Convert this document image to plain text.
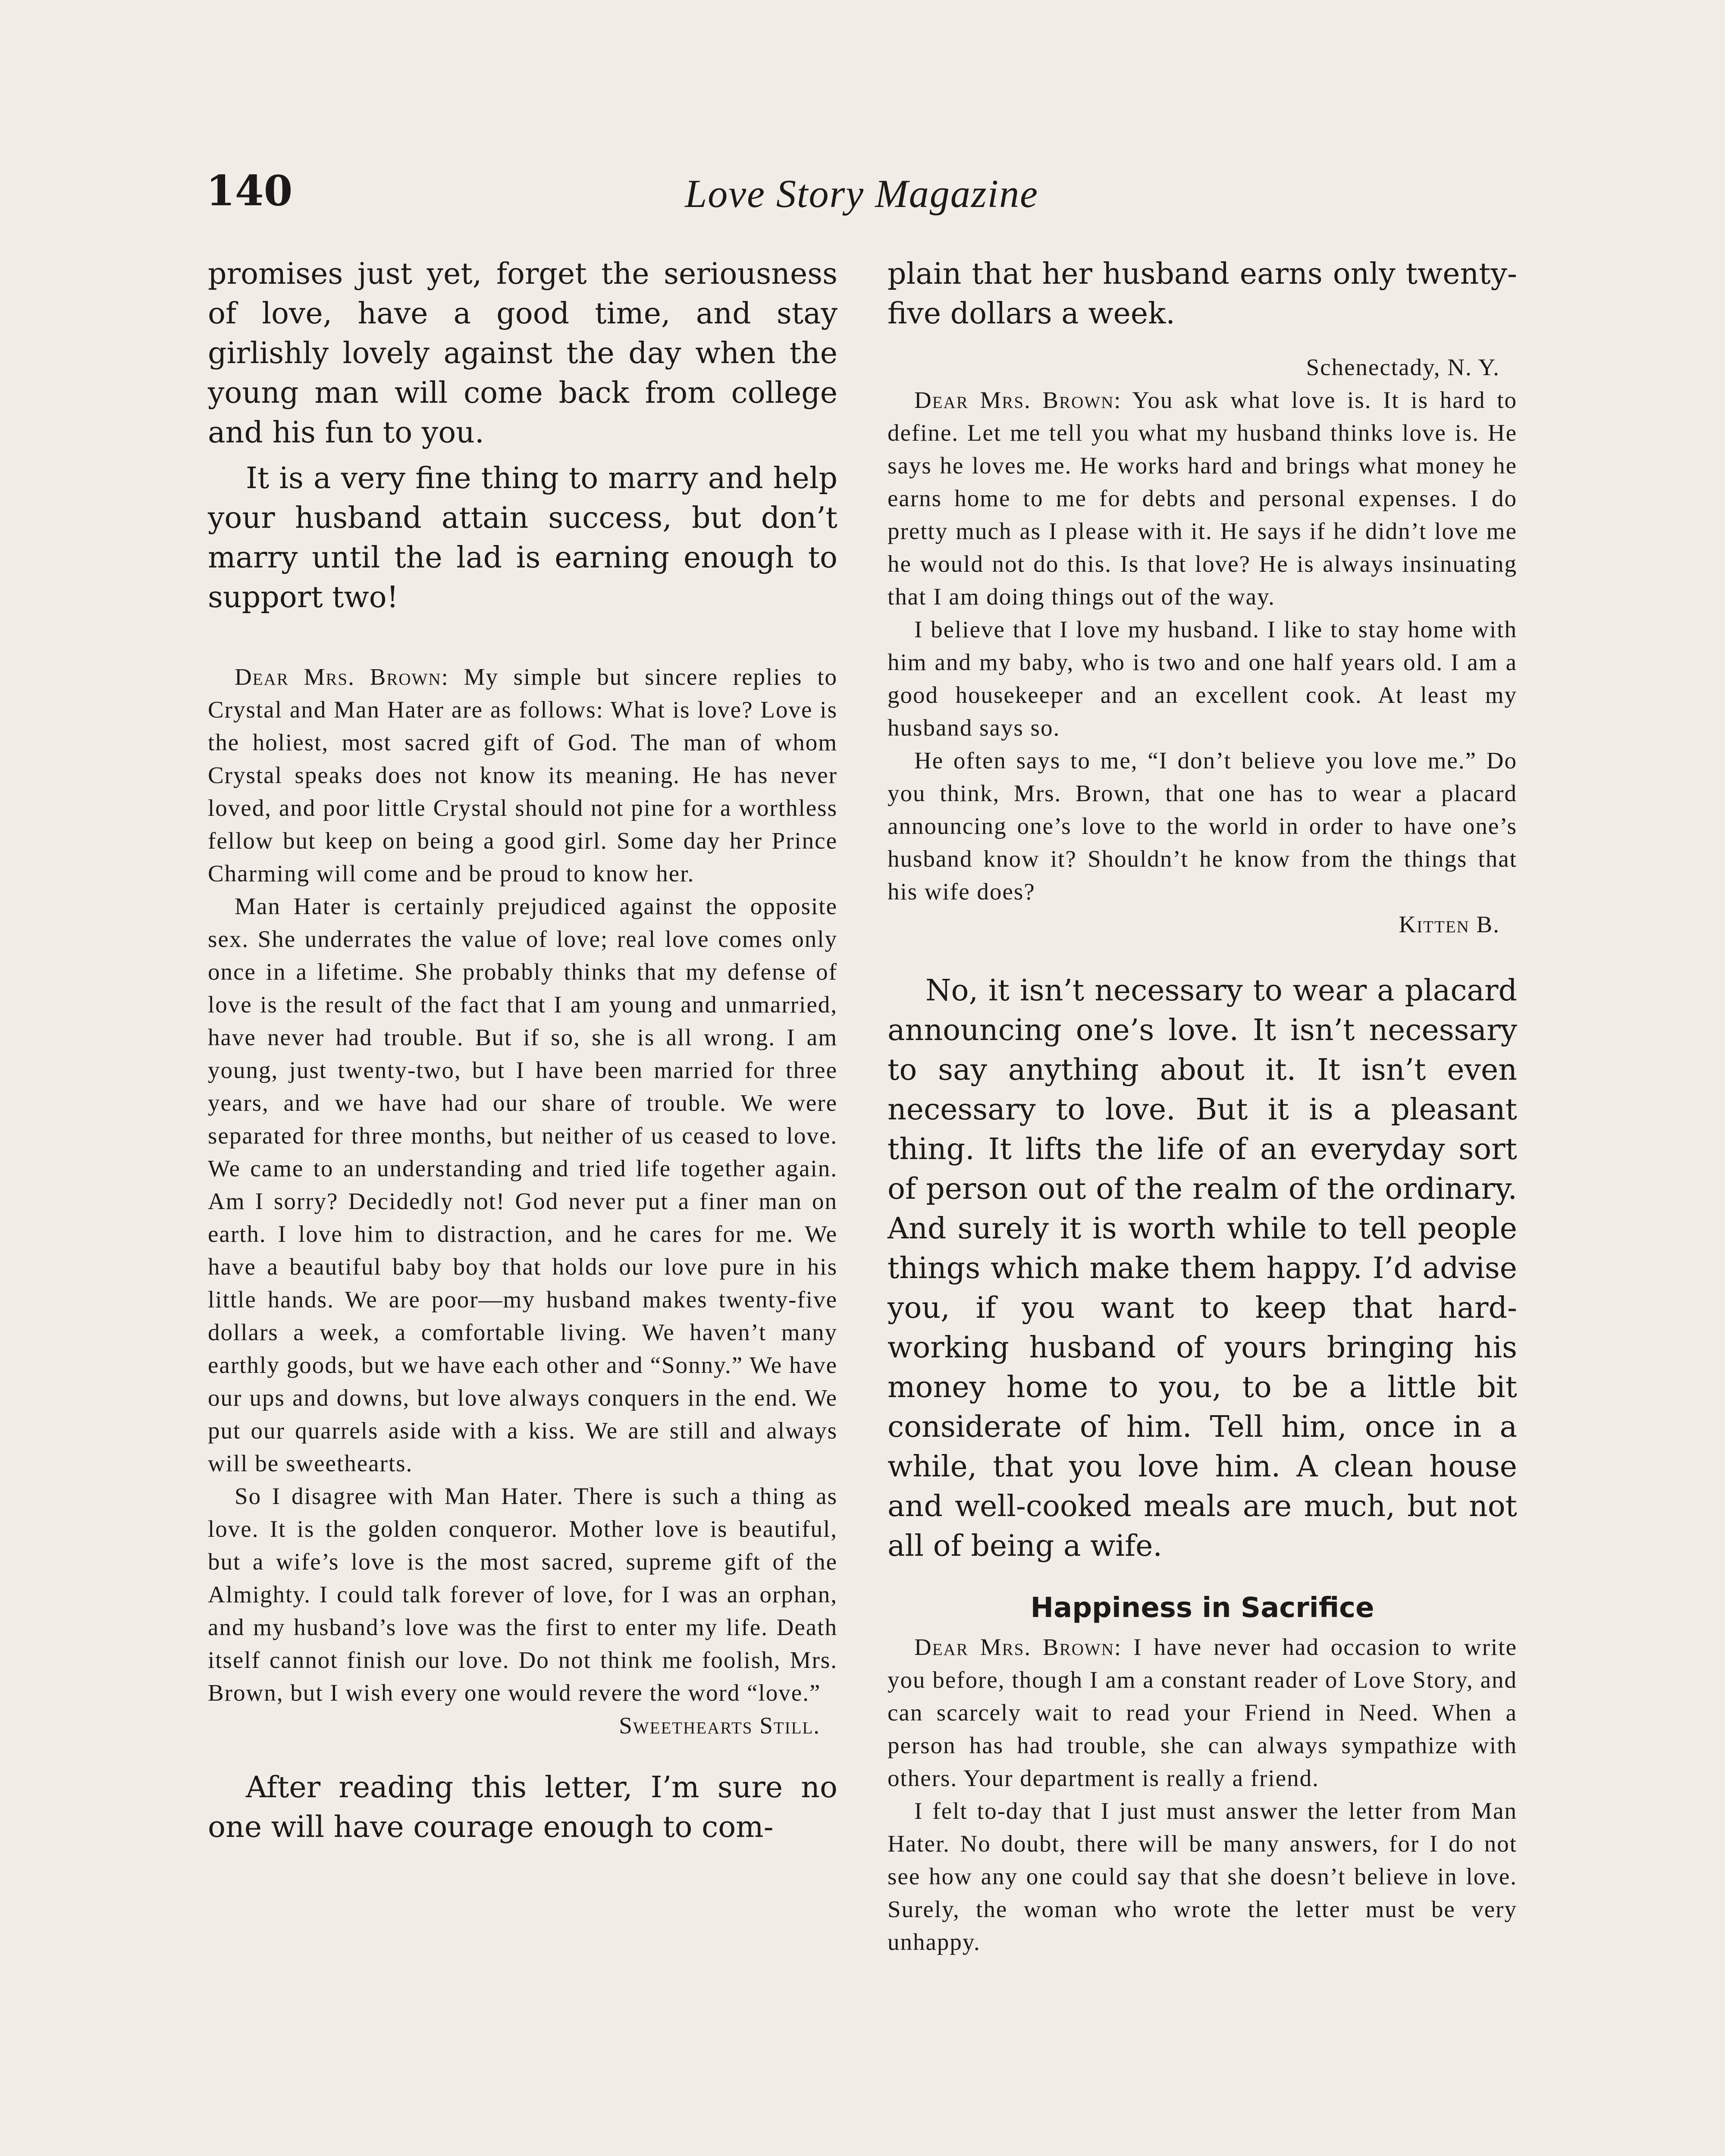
140	Love Story Magazine

promises just yet, forget the seriousness of love, have a good time, and stay girlishly lovely against the day when the young man will come back from college and his fun to you.

It is a very fine thing to marry and help your husband attain success, but don’t marry until the lad is earning enough to support two!

Dear Mrs. Brown: My simple but sincere replies to Crystal and Man Hater are as follows: What is love? Love is the holiest, most sacred gift of God. The man of whom Crystal speaks does not know its meaning. He has never loved, and poor little Crystal should not pine for a worthless fellow but keep on being a good girl. Some day her Prince Charming will come and be proud to know her.

Man Hater is certainly prejudiced against the opposite sex. She underrates the value of love; real love comes only once in a lifetime. She probably thinks that my defense of love is the result of the fact that I am young and unmarried, have never had trouble. But if so, she is all wrong. I am young, just twenty-two, but I have been married for three years, and we have had our share of trouble. We were separated for three months, but neither of us ceased to love. We came to an understanding and tried life together again. Am I sorry? Decidedly not! God never put a finer man on earth. I love him to distraction, and he cares for me. We have a beautiful baby boy that holds our love pure in his little hands. We are poor—my husband makes twenty-five dollars a week, a comfortable living. We haven’t many earthly goods, but we have each other and “Sonny.” We have our ups and downs, but love always conquers in the end. We put our quarrels aside with a kiss. We are still and always will be sweethearts.

So I disagree with Man Hater. There is such a thing as love. It is the golden conqueror. Mother love is beautiful, but a wife’s love is the most sacred, supreme gift of the Almighty. I could talk forever of love, for I was an orphan, and my husband’s love was the first to enter my life. Death itself cannot finish our love. Do not think me foolish, Mrs. Brown, but I wish every one would revere the word “love.”

Sweethearts Still.

After reading this letter, I’m sure no one will have courage enough to com-

plain that her husband earns only twenty-five dollars a week.

Schenectady, N. Y.

Dear Mrs. Brown: You ask what love is. It is hard to define. Let me tell you what my husband thinks love is. He says he loves me. He works hard and brings what money he earns home to me for debts and personal expenses. I do pretty much as I please with it. He says if he didn’t love me he would not do this. Is that love? He is always insinuating that I am doing things out of the way.

I believe that I love my husband. I like to stay home with him and my baby, who is two and one half years old. I am a good housekeeper and an excellent cook. At least my husband says so.

He often says to me, “I don’t believe you love me.” Do you think, Mrs. Brown, that one has to wear a placard announcing one’s love to the world in order to have one’s husband know it? Shouldn’t he know from the things that his wife does?

Kitten B.

No, it isn’t necessary to wear a placard announcing one’s love. It isn’t necessary to say anything about it. It isn’t even necessary to love. But it is a pleasant thing. It lifts the life of an everyday sort of person out of the realm of the ordinary. And surely it is worth while to tell people things which make them happy. I’d advise you, if you want to keep that hard-working husband of yours bringing his money home to you, to be a little bit considerate of him. Tell him, once in a while, that you love him. A clean house and well-cooked meals are much, but not all of being a wife.

Happiness in Sacrifice

Dear Mrs. Brown: I have never had occasion to write you before, though I am a constant reader of Love Story, and can scarcely wait to read your Friend in Need. When a person has had trouble, she can always sympathize with others. Your department is really a friend.

I felt to-day that I just must answer the letter from Man Hater. No doubt, there will be many answers, for I do not see how any one could say that she doesn’t believe in love. Surely, the woman who wrote the letter must be very unhappy.
